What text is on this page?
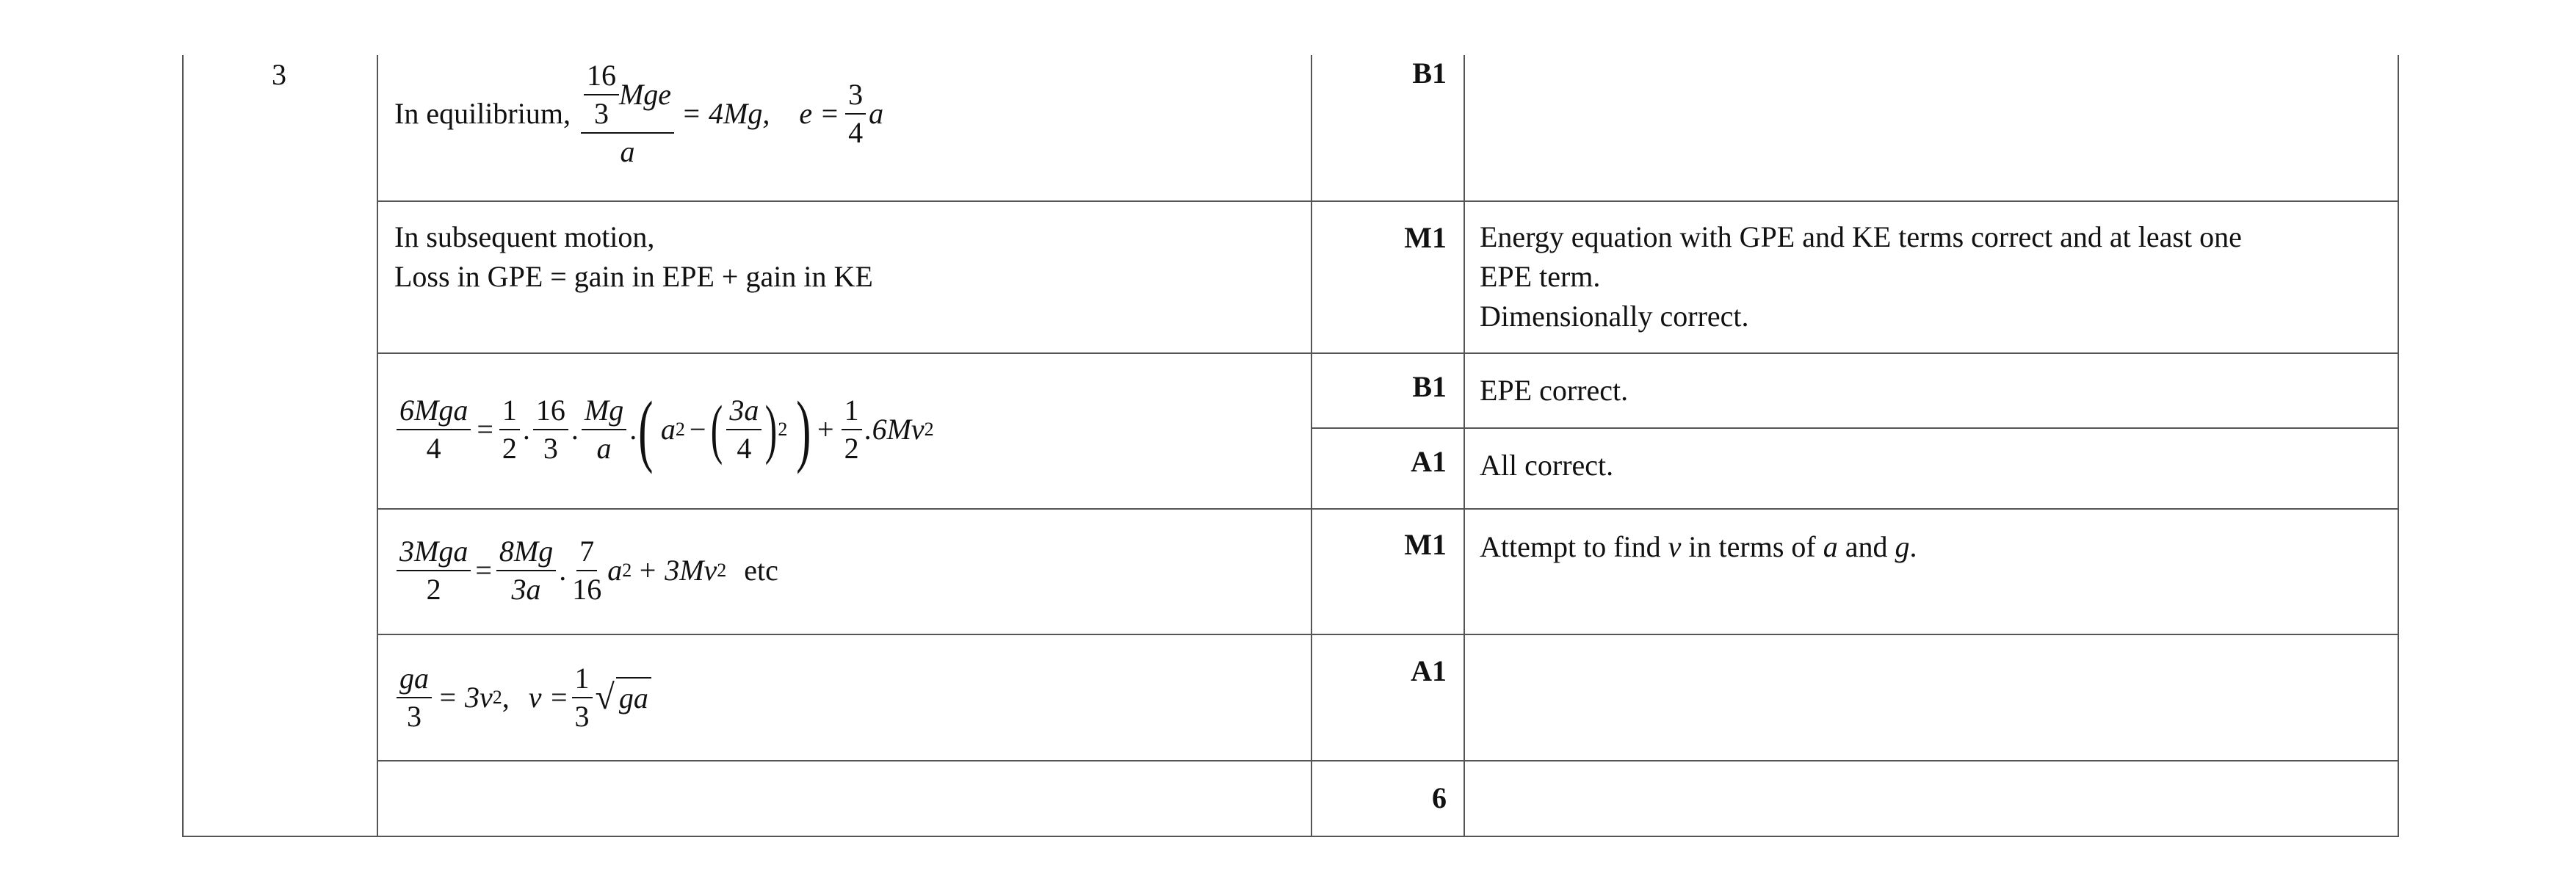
3
In equilibrium, $\frac{\frac{16}{3} Mge}{a} = 4Mg$, $e = \frac{3}{4}$ a
B1
In subsequent motion,
Loss in GPE = gain in EPE + gain in KE
M1 Energy equation with GPE and KE terms correct and at least one
EPE term.
Dimensionally correct.
$\frac{\text{6Mga}}{4} = \frac{1}{2}$ . $\frac{16}{3}$ . $\frac{Mg}{a}$ . ( a 2 − ( $\frac{3a}{4}$ ) 2 ) + $\frac{1}{2} .6Mv$ 2
B1 EPE correct.
A1 All correct.
$\frac{\text{3Mga}}{2} = \frac{8Mg}{3a}$ . $\frac{7}{16}$ a 2 + 3Mv 2 etc
M1 Attempt to find v in terms of a and g.
$\frac{ga}{3} = 3v$ 2 , $v = \frac{1}{3}$ √ ga
A1
6
